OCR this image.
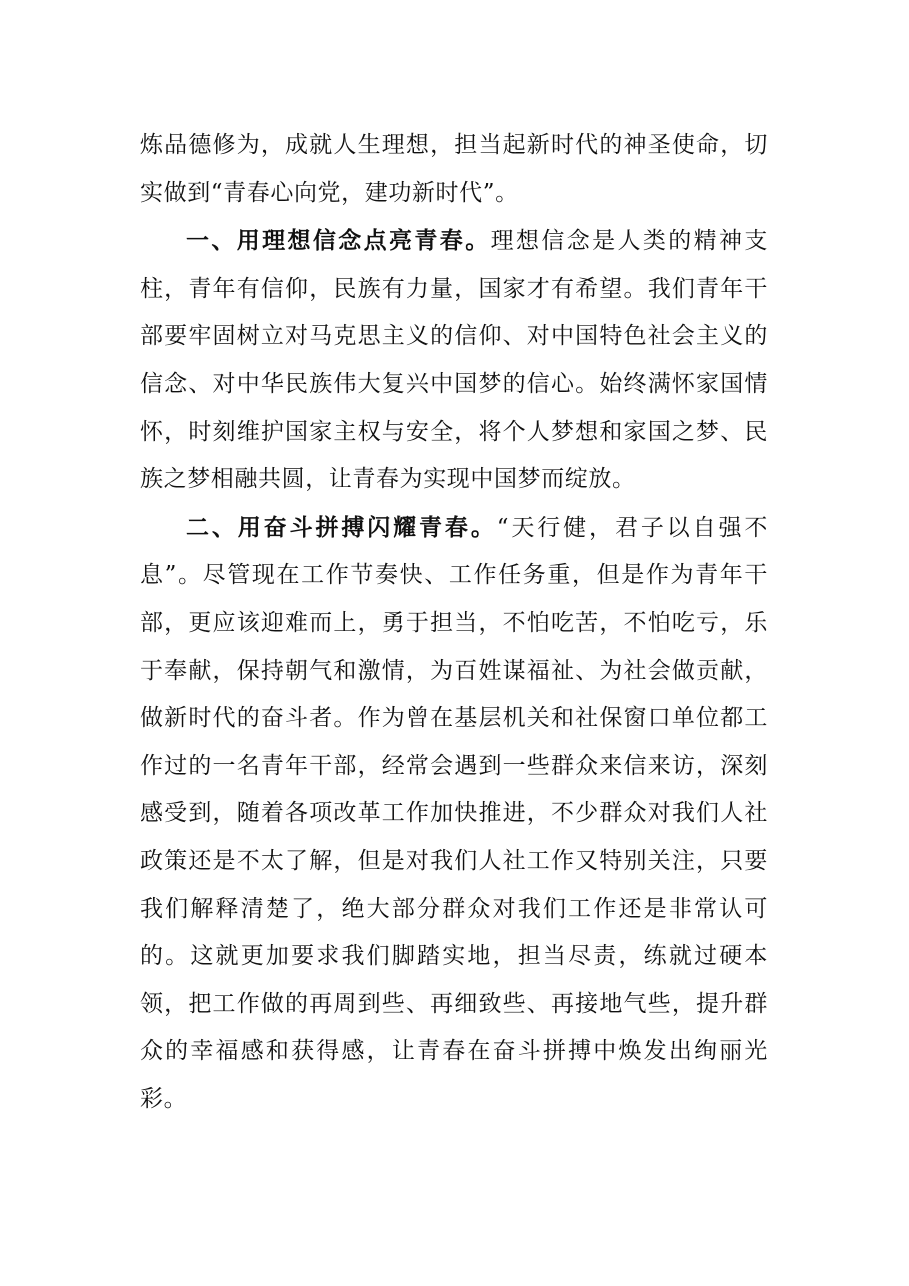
炼品德修为，成就人生理想，担当起新时代的神圣使命，切实做到“青春心向党，建功新时代”。

一、用理想信念点亮青春。理想信念是人类的精神支柱，青年有信仰，民族有力量，国家才有希望。我们青年干部要牢固树立对马克思主义的信仰、对中国特色社会主义的信念、对中华民族伟大复兴中国梦的信心。始终满怀家国情怀，时刻维护国家主权与安全，将个人梦想和家国之梦、民族之梦相融共圆，让青春为实现中国梦而绽放。

二、用奋斗拼搏闪耀青春。“天行健，君子以自强不息”。尽管现在工作节奏快、工作任务重，但是作为青年干部，更应该迎难而上，勇于担当，不怕吃苦，不怕吃亏，乐于奉献，保持朝气和激情，为百姓谋福祉、为社会做贡献，做新时代的奋斗者。作为曾在基层机关和社保窗口单位都工作过的一名青年干部，经常会遇到一些群众来信来访，深刻感受到，随着各项改革工作加快推进，不少群众对我们人社政策还是不太了解，但是对我们人社工作又特别关注，只要我们解释清楚了，绝大部分群众对我们工作还是非常认可的。这就更加要求我们脚踏实地，担当尽责，练就过硬本领，把工作做的再周到些、再细致些、再接地气些，提升群众的幸福感和获得感，让青春在奋斗拼搏中焕发出绚丽光彩。
